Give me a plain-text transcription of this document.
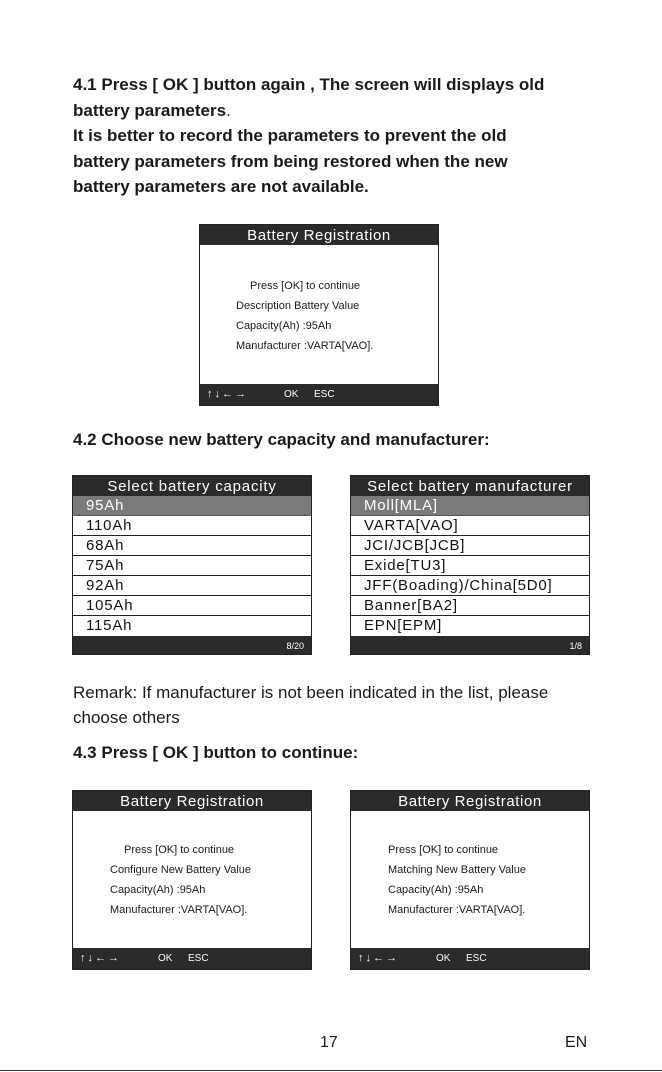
4.1 Press [ OK ] button again , The screen will displays old
battery parameters.
It is better to record the parameters to prevent the old
battery parameters from being restored when the new
battery parameters are not available.
Battery Registration
Press [OK] to continue
Description Battery Value
Capacity(Ah) :95Ah
Manufacturer :VARTA[VAO].
↑↓←→	OK ESC
4.2 Choose new battery capacity and manufacturer:
Select battery capacity
95Ah
110Ah
68Ah
75Ah
92Ah
105Ah
115Ah
8/20
Select battery manufacturer
Moll[MLA]
VARTA[VAO]
JCI/JCB[JCB]
Exide[TU3]
JFF(Boading)/China[5D0]
Banner[BA2]
EPN[EPM]
1/8
Remark: If manufacturer is not been indicated in the list, please
choose others
4.3 Press [ OK ] button to continue:
Battery Registration
Press [OK] to continue
Configure New Battery Value
Capacity(Ah) :95Ah
Manufacturer :VARTA[VAO].
↑↓←→	OK ESC
Battery Registration
Press [OK] to continue
Matching New Battery Value
Capacity(Ah) :95Ah
Manufacturer :VARTA[VAO].
↑↓←→	OK ESC
17	EN
